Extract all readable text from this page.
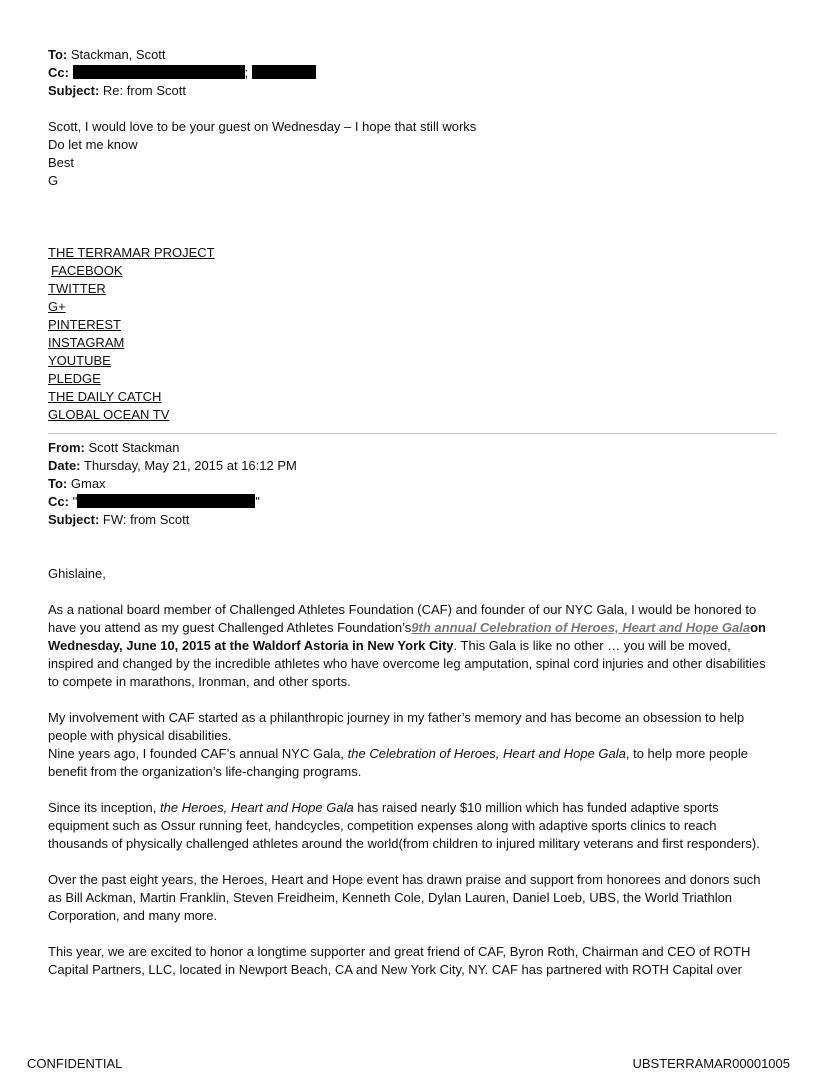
To: Stackman, Scott
Cc:	;
Subject: Re: from Scott

Scott, I would love to be your guest on Wednesday – I hope that still works

Do let me know

Best

G

THE TERRAMAR PROJECT
FACEBOOK
TWITTER
G+
PINTEREST
INSTAGRAM
YOUTUBE
PLEDGE
THE DAILY CATCH
GLOBAL OCEAN TV
From: Scott Stackman
Date: Thursday, May 21, 2015 at 16:12 PM
To: Gmax
Cc: "	"
Subject: FW: from Scott

Ghislaine,

As a national board member of Challenged Athletes Foundation (CAF) and founder of our NYC Gala, I would be honored to have you attend as my guest Challenged Athletes Foundation’s9th annual Celebration of Heroes, Heart and Hope Galaon Wednesday, June 10, 2015 at the Waldorf Astoria in New York City. This Gala is like no other … you will be moved, inspired and changed by the incredible athletes who have overcome leg amputation, spinal cord injuries and other disabilities to compete in marathons, Ironman, and other sports.

My involvement with CAF started as a philanthropic journey in my father’s memory and has become an obsession to help people with physical disabilities.

Nine years ago, I founded CAF’s annual NYC Gala, the Celebration of Heroes, Heart and Hope Gala, to help more people benefit from the organization’s life-changing programs.

Since its inception, the Heroes, Heart and Hope Gala has raised nearly $10 million which has funded adaptive sports equipment such as Ossur running feet, handcycles, competition expenses along with adaptive sports clinics to reach thousands of physically challenged athletes around the world(from children to injured military veterans and first responders).

Over the past eight years, the Heroes, Heart and Hope event has drawn praise and support from honorees and donors such as Bill Ackman, Martin Franklin, Steven Freidheim, Kenneth Cole, Dylan Lauren, Daniel Loeb, UBS, the World Triathlon Corporation, and many more.

This year, we are excited to honor a longtime supporter and great friend of CAF, Byron Roth, Chairman and CEO of ROTH Capital Partners, LLC, located in Newport Beach, CA and New York City, NY. CAF has partnered with ROTH Capital over

CONFIDENTIAL	UBSTERRAMAR00001005
